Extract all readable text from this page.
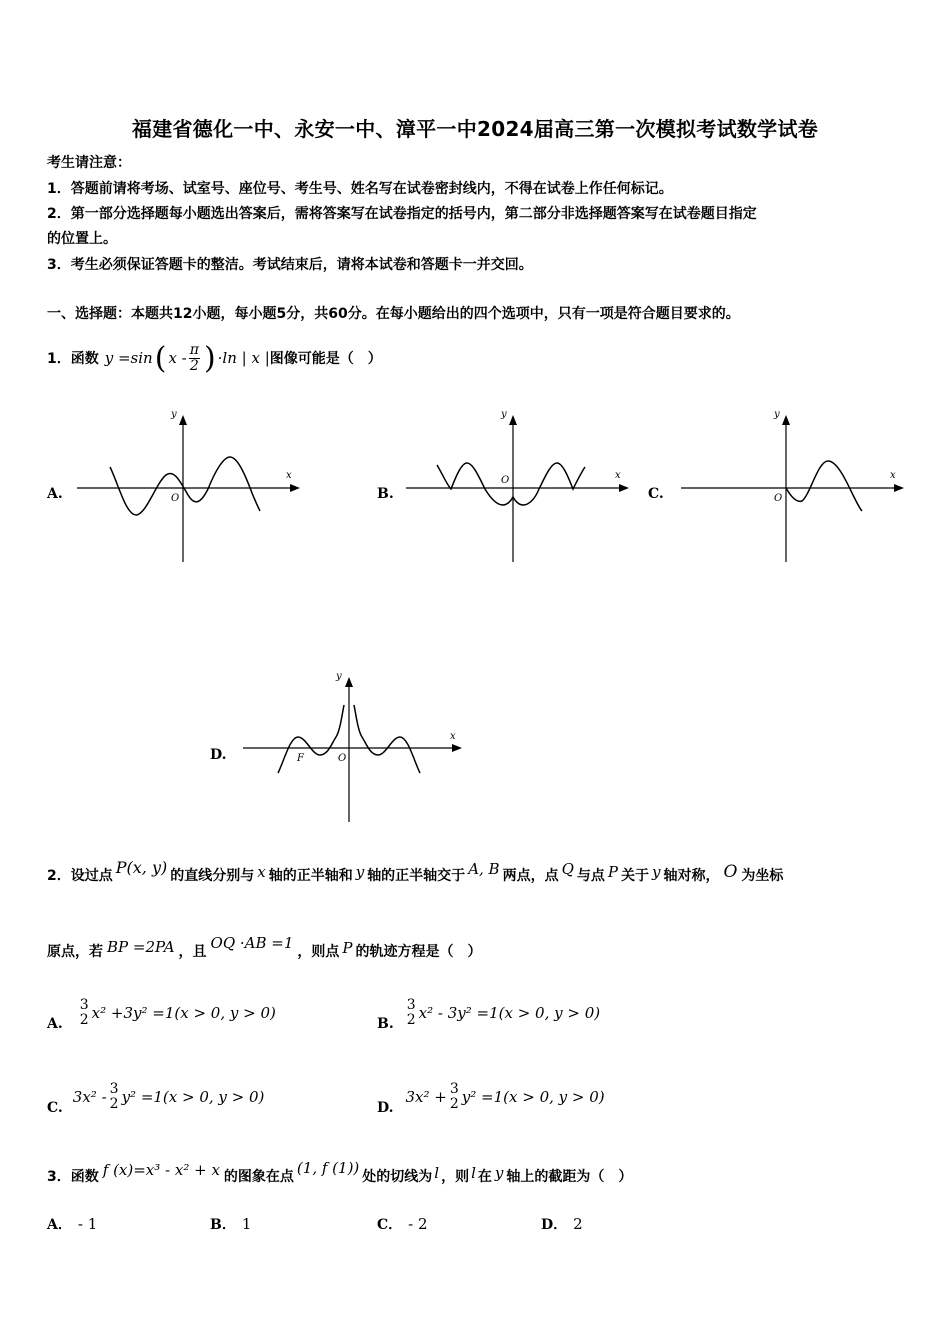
福建省德化一中、永安一中、漳平一中2024届高三第一次模拟考试数学试卷
考生请注意：
1．答题前请将考场、试室号、座位号、考生号、姓名写在试卷密封线内，不得在试卷上作任何标记。
2．第一部分选择题每小题选出答案后，需将答案写在试卷指定的括号内，第二部分非选择题答案写在试卷题目指定
的位置上。
3．考生必须保证答题卡的整洁。考试结束后，请将本试卷和答题卡一并交回。
一、选择题：本题共12小题，每小题5分，共60分。在每小题给出的四个选项中，只有一项是符合题目要求的。
1．函数 y =sin ( x - $\frac{\pi}{2}$ ) ·ln | x | 图像可能是（　）
A.	B.	C.
D.
x
y
O
x
y
O	x
y
O
x
y
O
F
2．设过点 P(x, y) 的直线分别与 x 轴的正半轴和 y 轴的正半轴交于 A, B 两点，点 Q 与点 P 关于 y 轴对称， O 为坐标
原点，若 BP =2PA ，且 OQ ·AB =1 ，则点 P 的轨迹方程是（　）
A.
3
2 x² +3y² =1(x > 0, y > 0)
B.
3
2 x² - 3y² =1(x > 0, y > 0)
C.
3x² - 3
2 y² =1(x > 0, y > 0)
D.
3x² + 3
2 y² =1(x > 0, y > 0)
3．函数 f (x)=x³ - x² + x 的图象在点 (1, f (1)) 处的切线为 l ，则 l 在 y 轴上的截距为（　）
A． - 1	B． 1	C． - 2	D． 2
